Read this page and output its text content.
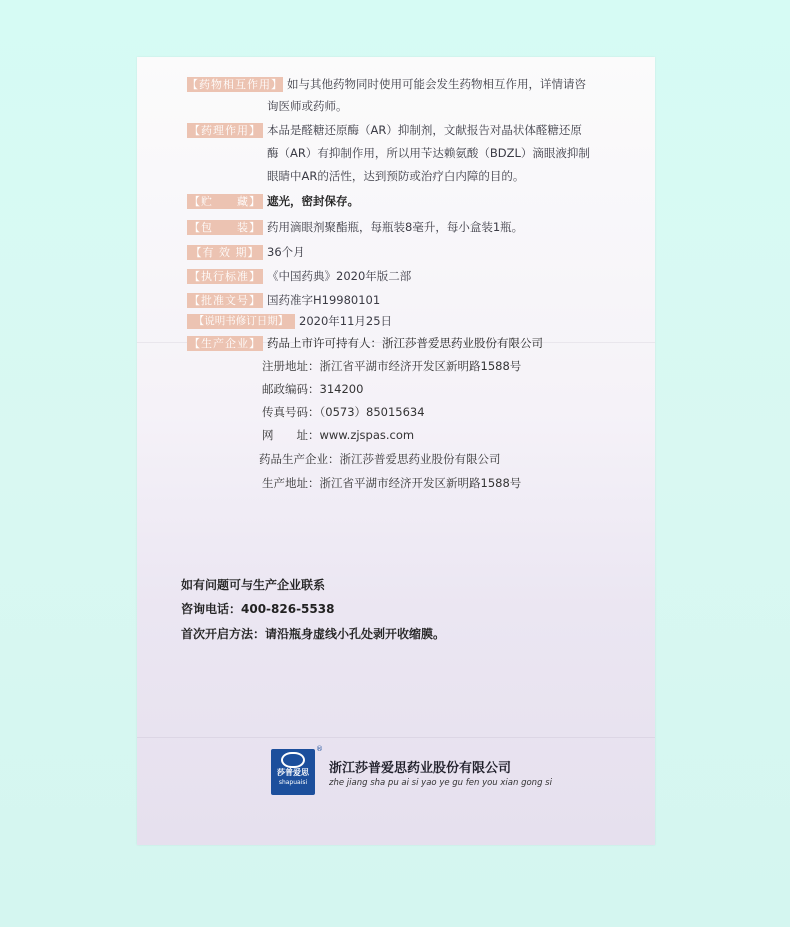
【药物相互作用】 如与其他药物同时使用可能会发生药物相互作用，详情请咨
询医师或药师。
【药理作用】 本品是醛糖还原酶（AR）抑制剂，文献报告对晶状体醛糖还原
酶（AR）有抑制作用，所以用苄达赖氨酸（BDZL）滴眼液抑制
眼睛中AR的活性，达到预防或治疗白内障的目的。
【贮　　藏】 遮光，密封保存。
【包　　装】 药用滴眼剂聚酯瓶，每瓶装8毫升，每小盒装1瓶。
【有 效 期】 36个月
【执行标准】 《中国药典》2020年版二部
【批准文号】 国药准字H19980101
【说明书修订日期】 2020年11月25日
【生产企业】 药品上市许可持有人：浙江莎普爱思药业股份有限公司
注册地址：浙江省平湖市经济开发区新明路1588号
邮政编码：314200
传真号码：（0573）85015634
网　　址：www.zjspas.com
药品生产企业：浙江莎普爱思药业股份有限公司
生产地址：浙江省平湖市经济开发区新明路1588号
如有问题可与生产企业联系
咨询电话：400-826-5538
首次开启方法：请沿瓶身虚线小孔处剥开收缩膜。
莎普爱思
shapuaisi
®
浙江莎普爱思药业股份有限公司
zhe jiang sha pu ai si yao ye gu fen you xian gong si
